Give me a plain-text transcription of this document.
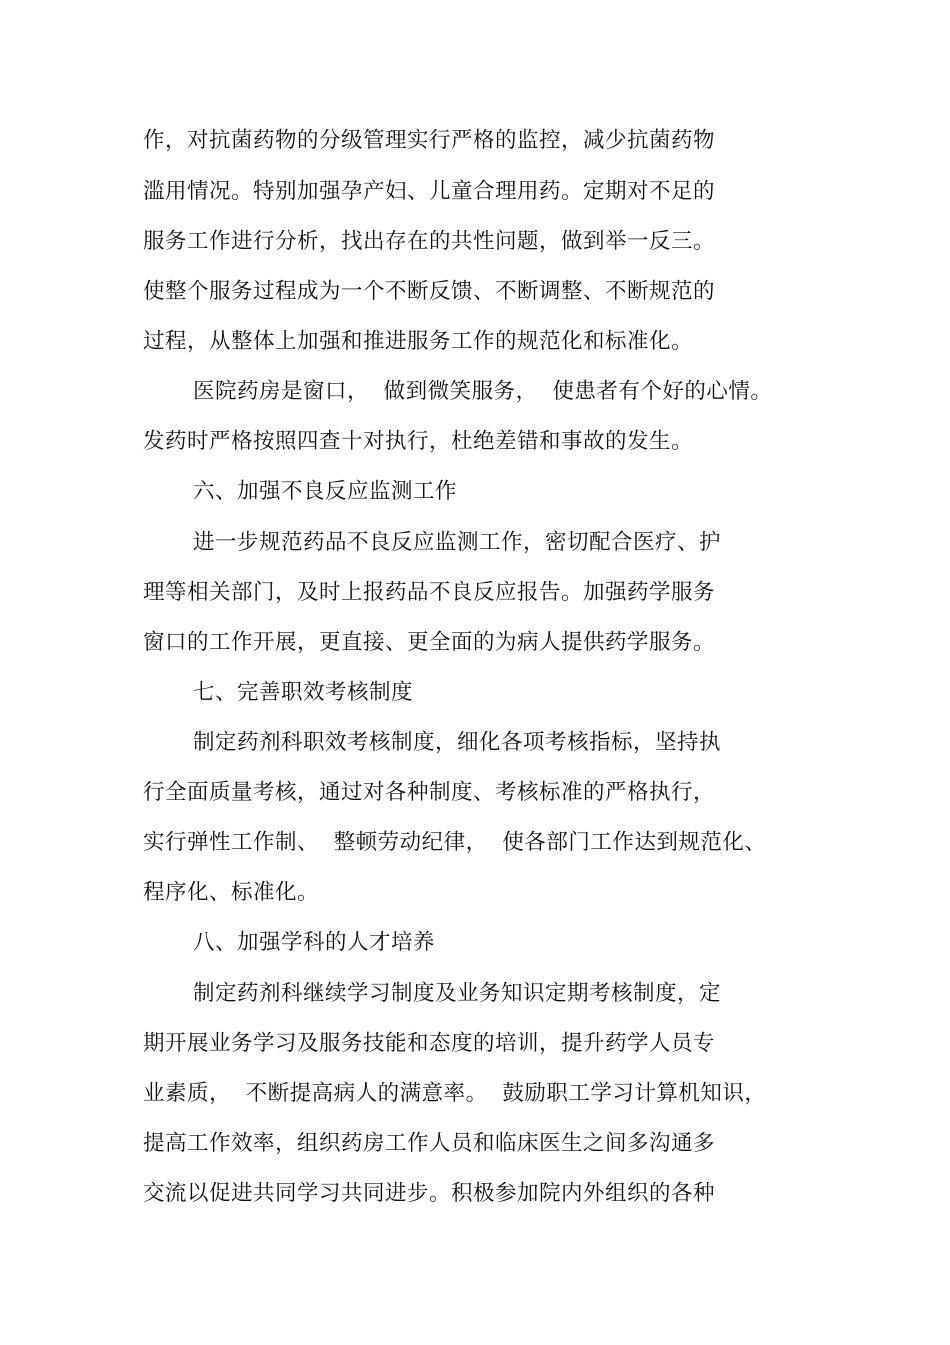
作，对抗菌药物的分级管理实行严格的监控，减少抗菌药物
滥用情况。特别加强孕产妇、儿童合理用药。定期对不足的
服务工作进行分析，找出存在的共性问题，做到举一反三。
使整个服务过程成为一个不断反馈、不断调整、不断规范的
过程，从整体上加强和推进服务工作的规范化和标准化。
医院药房是窗口，  做到微笑服务，  使患者有个好的心情。
发药时严格按照四查十对执行，杜绝差错和事故的发生。
六、加强不良反应监测工作
进一步规范药品不良反应监测工作，密切配合医疗、护
理等相关部门，及时上报药品不良反应报告。加强药学服务
窗口的工作开展，更直接、更全面的为病人提供药学服务。
七、完善职效考核制度
制定药剂科职效考核制度，细化各项考核指标，坚持执
行全面质量考核，通过对各种制度、考核标准的严格执行，
实行弹性工作制、  整顿劳动纪律，  使各部门工作达到规范化、
程序化、标准化。
八、加强学科的人才培养
制定药剂科继续学习制度及业务知识定期考核制度，定
期开展业务学习及服务技能和态度的培训，提升药学人员专
业素质，  不断提高病人的满意率。  鼓励职工学习计算机知识，
提高工作效率，组织药房工作人员和临床医生之间多沟通多
交流以促进共同学习共同进步。积极参加院内外组织的各种
